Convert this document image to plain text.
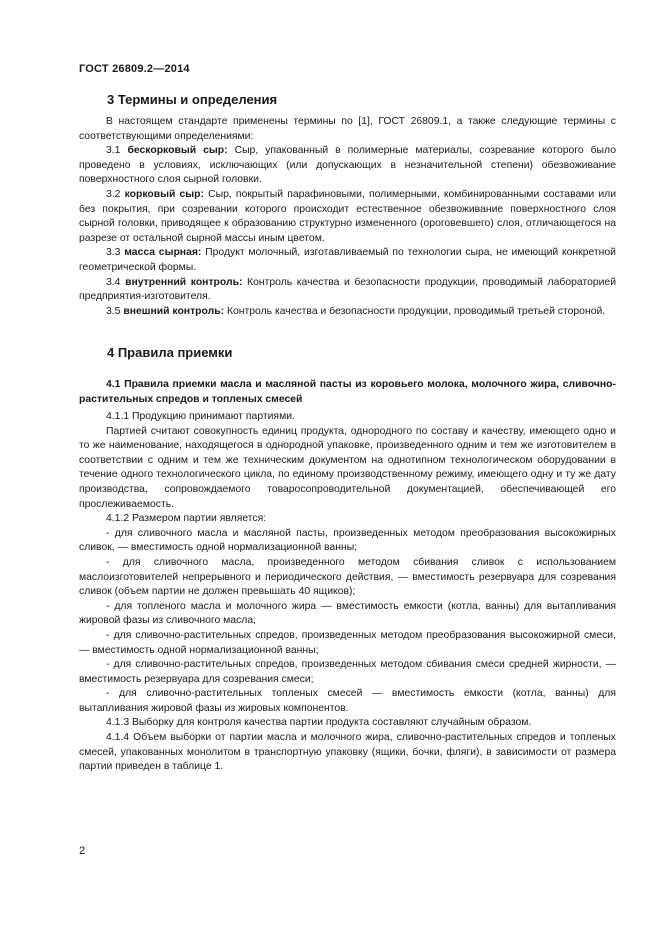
ГОСТ 26809.2—2014
3 Термины и определения

В настоящем стандарте применены термины по [1], ГОСТ 26809.1, а также следующие термины с соответствующими определениями:

3.1 бескорковый сыр: Сыр, упакованный в полимерные материалы, созревание которого было проведено в условиях, исключающих (или допускающих в незначительной степени) обезвоживание поверхностного слоя сырной головки.

3.2 корковый сыр: Сыр, покрытый парафиновыми, полимерными, комбинированными составами или без покрытия, при созревании которого происходит естественное обезвоживание поверхностного слоя сырной головки, приводящее к образованию структурно измененного (ороговевшего) слоя, отличающегося на разрезе от остальной сырной массы иным цветом.

3.3 масса сырная: Продукт молочный, изготавливаемый по технологии сыра, не имеющий конкретной геометрической формы.

3.4 внутренний контроль: Контроль качества и безопасности продукции, проводимый лабораторией предприятия-изготовителя.

3.5 внешний контроль: Контроль качества и безопасности продукции, проводимый третьей стороной.

4 Правила приемки

4.1 Правила приемки масла и масляной пасты из коровьего молока, молочного жира, сливочно-растительных спредов и топленых смесей

4.1.1 Продукцию принимают партиями.

Партией считают совокупность единиц продукта, однородного по составу и качеству, имеющего одно и то же наименование, находящегося в однородной упаковке, произведенного одним и тем же изготовителем в соответствии с одним и тем же техническим документом на однотипном технологическом оборудовании в течение одного технологического цикла, по единому производственному режиму, имеющего одну и ту же дату производства, сопровождаемого товаросопроводительной документацией, обеспечивающей его прослеживаемость.

4.1.2 Размером партии является:

- для сливочного масла и масляной пасты, произведенных методом преобразования высокожирных сливок, — вместимость одной нормализационной ванны;

- для сливочного масла, произведенного методом сбивания сливок с использованием маслоизготовителей непрерывного и периодического действия, — вместимость резервуара для созревания сливок (объем партии не должен превышать 40 ящиков);

- для топленого масла и молочного жира — вместимость емкости (котла, ванны) для вытапливания жировой фазы из сливочного масла;

- для сливочно-растительных спредов, произведенных методом преобразования высокожирной смеси, — вместимость одной нормализационной ванны;

- для сливочно-растительных спредов, произведенных методом сбивания смеси средней жирности, — вместимость резервуара для созревания смеси;

- для сливочно-растительных топленых смесей — вместимость емкости (котла, ванны) для вытапливания жировой фазы из жировых компонентов.

4.1.3 Выборку для контроля качества партии продукта составляют случайным образом.

4.1.4 Объем выборки от партии масла и молочного жира, сливочно-растительных спредов и топленых смесей, упакованных монолитом в транспортную упаковку (ящики, бочки, фляги), в зависимости от размера партии приведен в таблице 1.

2
